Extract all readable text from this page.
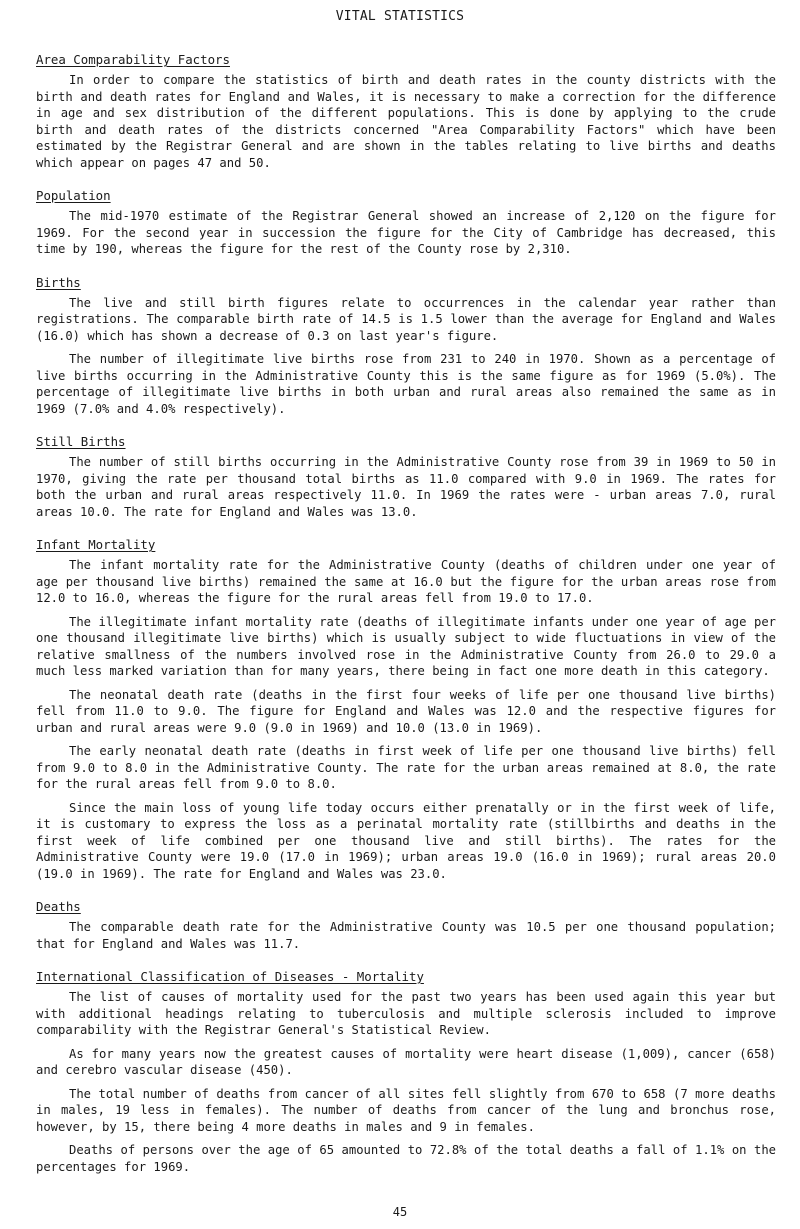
VITAL STATISTICS
Area Comparability Factors

In order to compare the statistics of birth and death rates in the county districts with the birth and death rates for England and Wales, it is necessary to make a correction for the difference in age and sex distribution of the different populations. This is done by applying to the crude birth and death rates of the districts concerned "Area Comparability Factors" which have been estimated by the Registrar General and are shown in the tables relating to live births and deaths which appear on pages 47 and 50.

Population

The mid-1970 estimate of the Registrar General showed an increase of 2,120 on the figure for 1969. For the second year in succession the figure for the City of Cambridge has decreased, this time by 190, whereas the figure for the rest of the County rose by 2,310.

Births

The live and still birth figures relate to occurrences in the calendar year rather than registrations. The comparable birth rate of 14.5 is 1.5 lower than the average for England and Wales (16.0) which has shown a decrease of 0.3 on last year's figure.

The number of illegitimate live births rose from 231 to 240 in 1970. Shown as a percentage of live births occurring in the Administrative County this is the same figure as for 1969 (5.0%). The percentage of illegitimate live births in both urban and rural areas also remained the same as in 1969 (7.0% and 4.0% respectively).

Still Births

The number of still births occurring in the Administrative County rose from 39 in 1969 to 50 in 1970, giving the rate per thousand total births as 11.0 compared with 9.0 in 1969. The rates for both the urban and rural areas respectively 11.0. In 1969 the rates were - urban areas 7.0, rural areas 10.0. The rate for England and Wales was 13.0.

Infant Mortality

The infant mortality rate for the Administrative County (deaths of children under one year of age per thousand live births) remained the same at 16.0 but the figure for the urban areas rose from 12.0 to 16.0, whereas the figure for the rural areas fell from 19.0 to 17.0.

The illegitimate infant mortality rate (deaths of illegitimate infants under one year of age per one thousand illegitimate live births) which is usually subject to wide fluctuations in view of the relative smallness of the numbers involved rose in the Administrative County from 26.0 to 29.0 a much less marked variation than for many years, there being in fact one more death in this category.

The neonatal death rate (deaths in the first four weeks of life per one thousand live births) fell from 11.0 to 9.0. The figure for England and Wales was 12.0 and the respective figures for urban and rural areas were 9.0 (9.0 in 1969) and 10.0 (13.0 in 1969).

The early neonatal death rate (deaths in first week of life per one thousand live births) fell from 9.0 to 8.0 in the Administrative County. The rate for the urban areas remained at 8.0, the rate for the rural areas fell from 9.0 to 8.0.

Since the main loss of young life today occurs either prenatally or in the first week of life, it is customary to express the loss as a perinatal mortality rate (stillbirths and deaths in the first week of life combined per one thousand live and still births). The rates for the Administrative County were 19.0 (17.0 in 1969); urban areas 19.0 (16.0 in 1969); rural areas 20.0 (19.0 in 1969). The rate for England and Wales was 23.0.

Deaths

The comparable death rate for the Administrative County was 10.5 per one thousand population; that for England and Wales was 11.7.

International Classification of Diseases - Mortality

The list of causes of mortality used for the past two years has been used again this year but with additional headings relating to tuberculosis and multiple sclerosis included to improve comparability with the Registrar General's Statistical Review.

As for many years now the greatest causes of mortality were heart disease (1,009), cancer (658) and cerebro vascular disease (450).

The total number of deaths from cancer of all sites fell slightly from 670 to 658 (7 more deaths in males, 19 less in females). The number of deaths from cancer of the lung and bronchus rose, however, by 15, there being 4 more deaths in males and 9 in females.

Deaths of persons over the age of 65 amounted to 72.8% of the total deaths a fall of 1.1% on the percentages for 1969.

45
